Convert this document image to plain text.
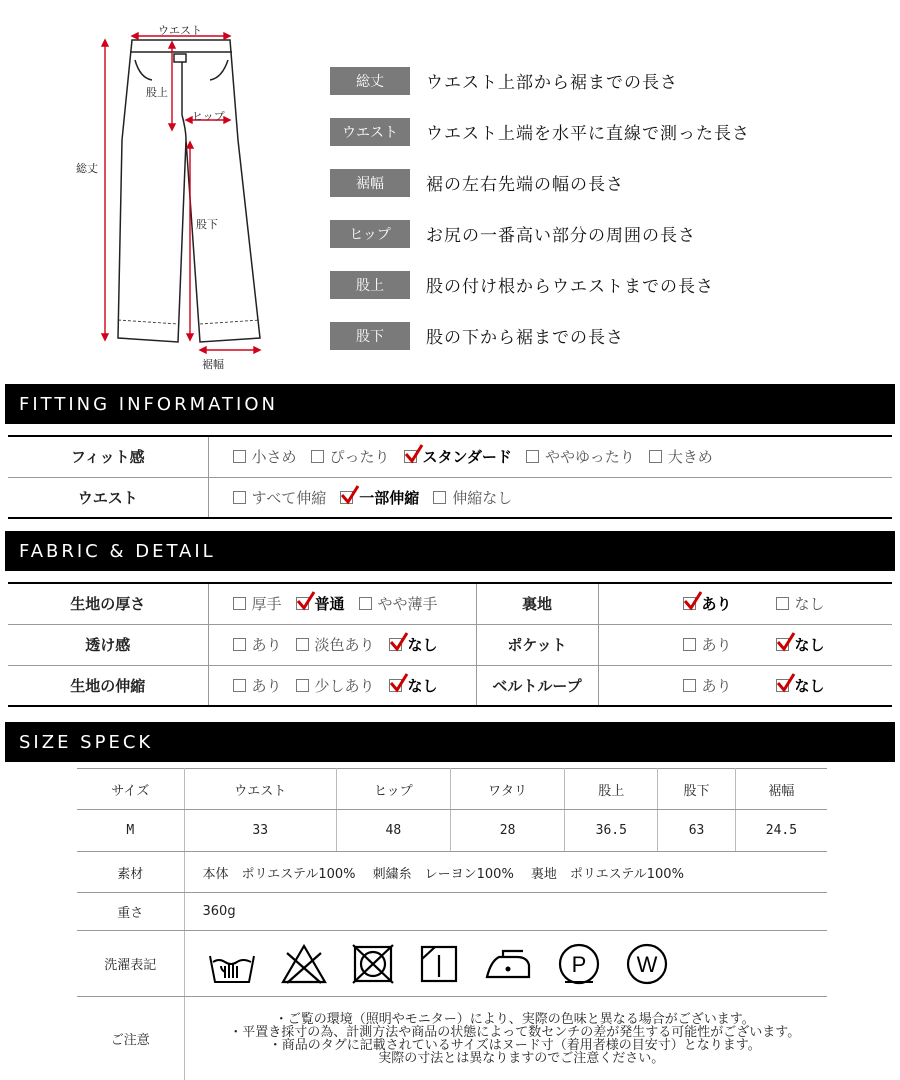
ウエスト
股上
ヒップ
総丈
股下
裾幅
総丈	ウエスト上部から裾までの長さ
ウエスト	ウエスト上端を水平に直線で測った長さ
裾幅	裾の左右先端の幅の長さ
ヒップ	お尻の一番高い部分の周囲の長さ
股上	股の付け根からウエストまでの長さ
股下	股の下から裾までの長さ
FITTING INFORMATION
フィット感	小さめ ぴったり スタンダード ややゆったり 大きめ

ウエスト	すべて伸縮 一部伸縮 伸縮なし
FABRIC & DETAIL
生地の厚さ	厚手 普通 やや薄手	裏地	あり なし

透け感	あり 淡色あり なし	ポケット	あり なし

生地の伸縮	あり 少しあり なし	ベルトループ	あり なし
SIZE SPECK
サイズ	ウエスト	ヒップ	ワタリ	股上	股下	裾幅
M	33	48	28	36.5	63	24.5
素材	本体　ポリエステル100%　 刺繍糸　レーヨン100%　 裏地　ポリエステル100%					
重さ	360g					
洗濯表記	P W					

ご注意	・ご覧の環境（照明やモニター）により、実際の色味と異なる場合がございます。
・平置き採寸の為、計測方法や商品の状態によって数センチの差が発生する可能性がございます。
・商品のタグに記載されているサイズはヌード寸（着用者様の目安寸）となります。
　実際の寸法とは異なりますのでご注意ください。					
